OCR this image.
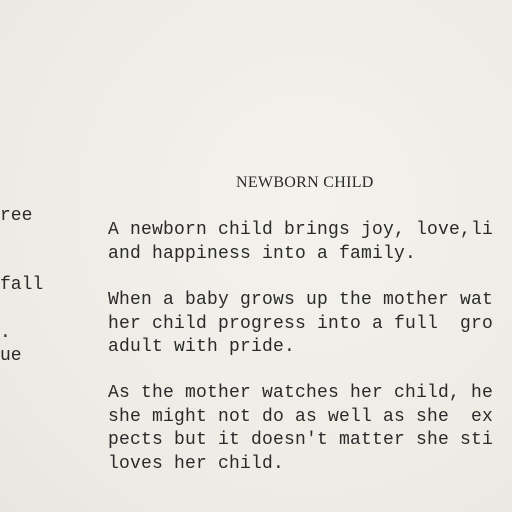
ree
fall
.
ue
NEWBORN CHILD
A newborn child brings joy, love,li
and happiness into a family.
When a baby grows up the mother wat
her child progress into a full  gro
adult with pride.
As the mother watches her child, he
she might not do as well as she  ex
pects but it doesn't matter she sti
loves her child.
